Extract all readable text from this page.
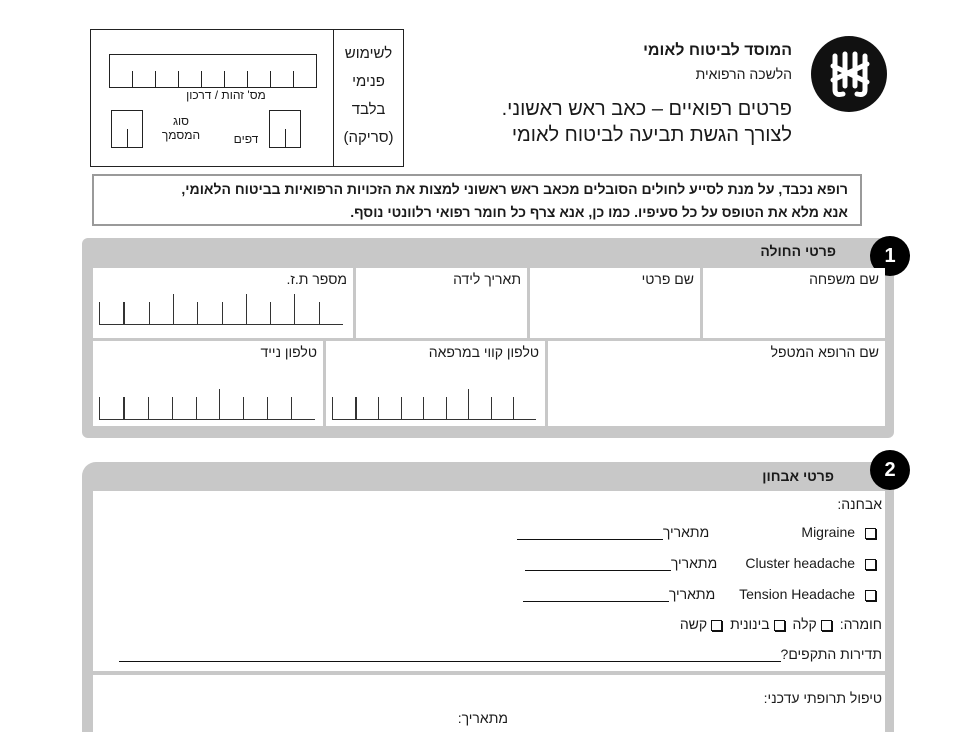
לשימוש
פנימי
בלבד
(סריקה)
מס' זהות / דרכון
סוג
המסמך	דפים
המוסד לביטוח לאומי
הלשכה הרפואית
פרטים רפואיים – כאב ראש ראשוני.
לצורך הגשת תביעה לביטוח לאומי
רופא נכבד, על מנת לסייע לחולים הסובלים מכאב ראש ראשוני למצות את הזכויות הרפואיות בביטוח הלאומי,
אנא מלא את הטופס על כל סעיפיו. כמו כן, אנא צרף כל חומר רפואי רלוונטי נוסף.
1
פרטי החולה
שם משפחה
שם פרטי
תאריך לידה
מספר ת.ז.
שם הרופא המטפל
טלפון קווי במרפאה
טלפון נייד
2
פרטי אבחון
אבחנה:
Migraine מתאריך
Cluster headache מתאריך
Tension Headache מתאריך
חומרה: קלה בינונית קשה
תדירות התקפים?
טיפול תרופתי עדכני:
מתאריך:
